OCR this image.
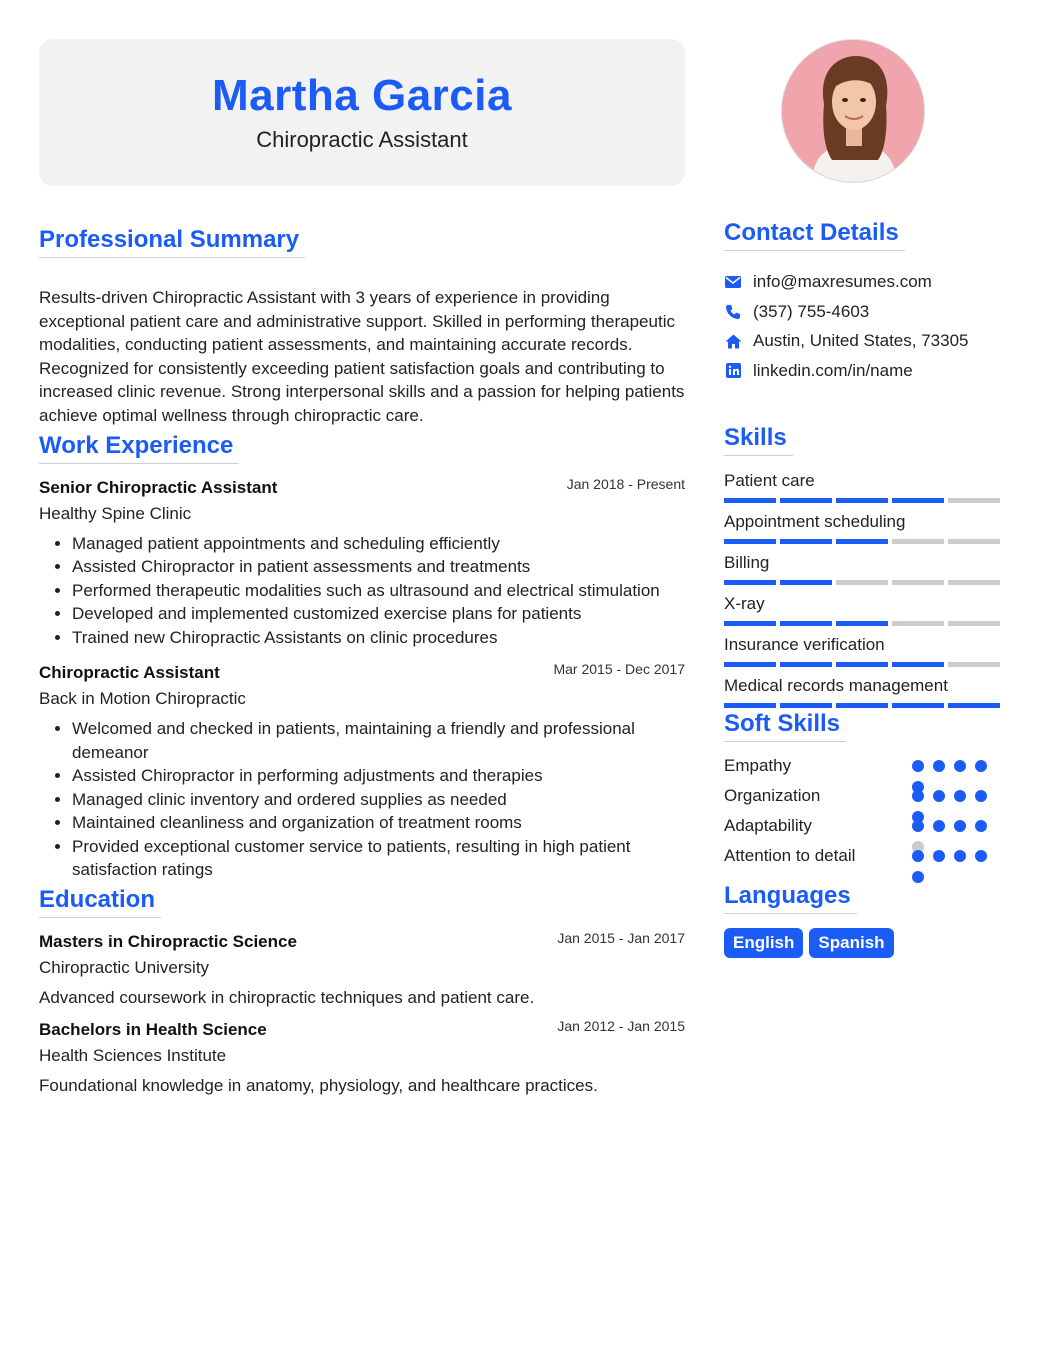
Martha Garcia
Chiropractic Assistant
Professional Summary

Results-driven Chiropractic Assistant with 3 years of experience in providing exceptional patient care and administrative support. Skilled in performing therapeutic modalities, conducting patient assessments, and maintaining accurate records. Recognized for consistently exceeding patient satisfaction goals and contributing to increased clinic revenue. Strong interpersonal skills and a passion for helping patients achieve optimal wellness through chiropractic care.

Work Experience
Senior Chiropractic Assistant	Jan 2018 - Present
Healthy Spine Clinic
• Managed patient appointments and scheduling efficiently
• Assisted Chiropractor in patient assessments and treatments
• Performed therapeutic modalities such as ultrasound and electrical stimulation
• Developed and implemented customized exercise plans for patients
• Trained new Chiropractic Assistants on clinic procedures
Chiropractic Assistant	Mar 2015 - Dec 2017
Back in Motion Chiropractic
• Welcomed and checked in patients, maintaining a friendly and professional demeanor
• Assisted Chiropractor in performing adjustments and therapies
• Managed clinic inventory and ordered supplies as needed
• Maintained cleanliness and organization of treatment rooms
• Provided exceptional customer service to patients, resulting in high patient satisfaction ratings
Education
Masters in Chiropractic Science	Jan 2015 - Jan 2017
Chiropractic University
Advanced coursework in chiropractic techniques and patient care.
Bachelors in Health Science	Jan 2012 - Jan 2015
Health Sciences Institute
Foundational knowledge in anatomy, physiology, and healthcare practices.
Contact Details
info@maxresumes.com
(357) 755-4603
Austin, United States, 73305
linkedin.com/in/name
Skills
Patient care
Appointment scheduling
Billing
X-ray
Insurance verification
Medical records management
Soft Skills
Empathy
Organization
Adaptability
Attention to detail
Languages
English	Spanish
